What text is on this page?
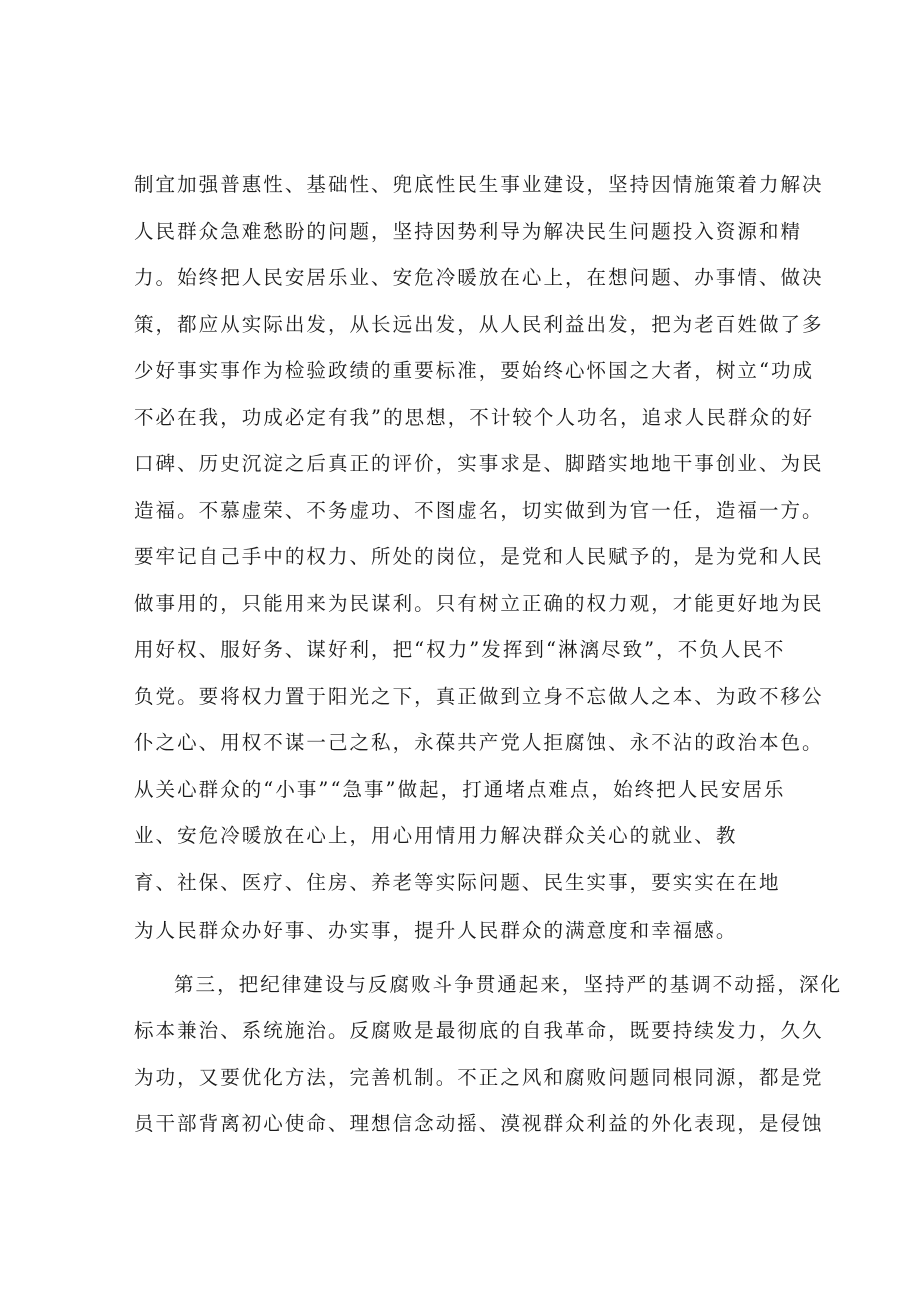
制宜加强普惠性、基础性、兜底性民生事业建设，坚持因情施策着力解决
人民群众急难愁盼的问题，坚持因势利导为解决民生问题投入资源和精
力。始终把人民安居乐业、安危冷暖放在心上，在想问题、办事情、做决
策，都应从实际出发，从长远出发，从人民利益出发，把为老百姓做了多
少好事实事作为检验政绩的重要标准，要始终心怀国之大者，树立“功成
不必在我，功成必定有我”的思想，不计较个人功名，追求人民群众的好
口碑、历史沉淀之后真正的评价，实事求是、脚踏实地地干事创业、为民
造福。不慕虚荣、不务虚功、不图虚名，切实做到为官一任，造福一方。
要牢记自己手中的权力、所处的岗位，是党和人民赋予的，是为党和人民
做事用的，只能用来为民谋利。只有树立正确的权力观，才能更好地为民
用好权、服好务、谋好利，把“权力”发挥到“淋漓尽致”，不负人民不
负党。要将权力置于阳光之下，真正做到立身不忘做人之本、为政不移公
仆之心、用权不谋一己之私，永葆共产党人拒腐蚀、永不沾的政治本色。
从关心群众的“小事”“急事”做起，打通堵点难点，始终把人民安居乐
业、安危冷暖放在心上，用心用情用力解决群众关心的就业、教
育、社保、医疗、住房、养老等实际问题、民生实事，要实实在在地
为人民群众办好事、办实事，提升人民群众的满意度和幸福感。
第三，把纪律建设与反腐败斗争贯通起来，坚持严的基调不动摇，深化
标本兼治、系统施治。反腐败是最彻底的自我革命，既要持续发力，久久
为功，又要优化方法，完善机制。不正之风和腐败问题同根同源，都是党
员干部背离初心使命、理想信念动摇、漠视群众利益的外化表现，是侵蚀
